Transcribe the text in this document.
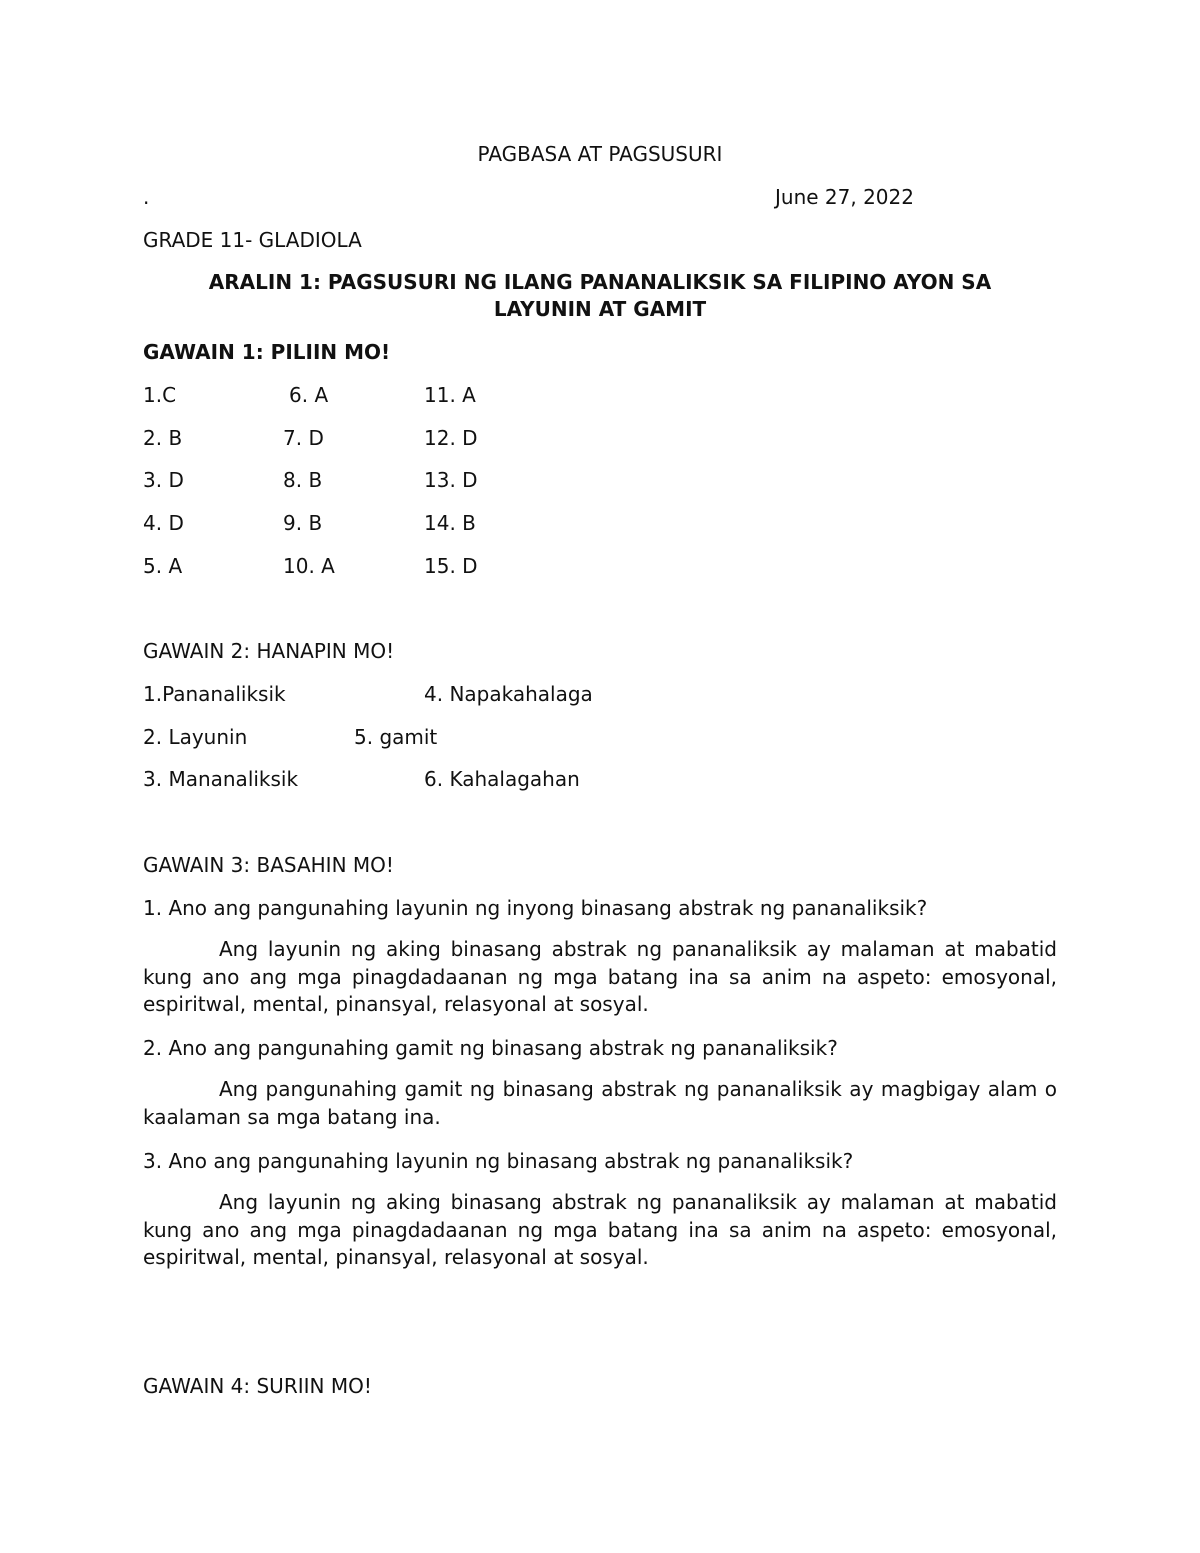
PAGBASA AT PAGSUSURI
.	June 27, 2022
GRADE 11- GLADIOLA
ARALIN 1: PAGSUSURI NG ILANG PANANALIKSIK SA FILIPINO AYON SA
LAYUNIN AT GAMIT
GAWAIN 1: PILIIN MO!
1.C	6. A	11. A
2. B	7. D	12. D
3. D	8. B	13. D
4. D	9. B	14. B
5. A	10. A	15. D
GAWAIN 2: HANAPIN MO!
1.Pananaliksik	4. Napakahalaga
2. Layunin	5. gamit
3. Mananaliksik	6. Kahalagahan
GAWAIN 3: BASAHIN MO!
1. Ano ang pangunahing layunin ng inyong binasang abstrak ng pananaliksik?
Ang layunin ng aking binasang abstrak ng pananaliksik ay malaman at mabatid kung ano ang mga pinagdadaanan ng mga batang ina sa anim na aspeto: emosyonal, espiritwal, mental, pinansyal, relasyonal at sosyal.
2. Ano ang pangunahing gamit ng binasang abstrak ng pananaliksik?
Ang pangunahing gamit ng binasang abstrak ng pananaliksik ay magbigay alam o kaalaman sa mga batang ina.
3. Ano ang pangunahing layunin ng binasang abstrak ng pananaliksik?
Ang layunin ng aking binasang abstrak ng pananaliksik ay malaman at mabatid kung ano ang mga pinagdadaanan ng mga batang ina sa anim na aspeto: emosyonal, espiritwal, mental, pinansyal, relasyonal at sosyal.
GAWAIN 4: SURIIN MO!
